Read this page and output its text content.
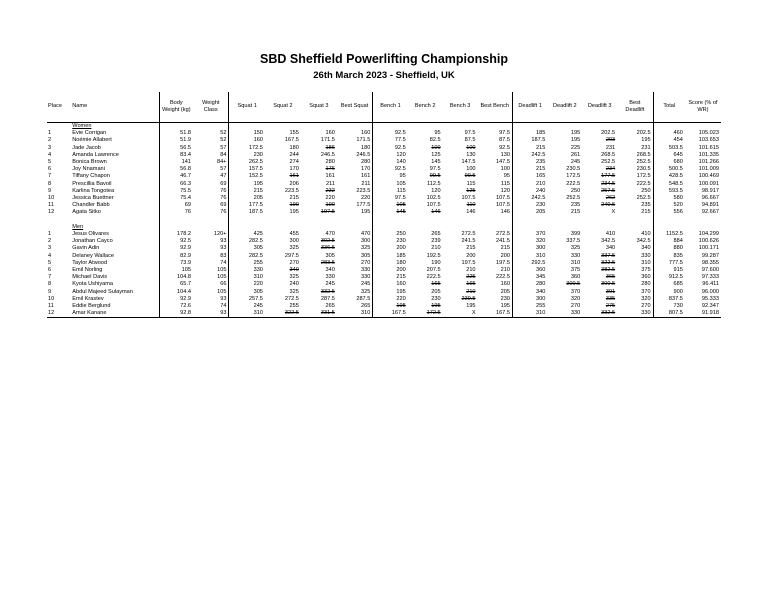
SBD Sheffield Powerlifting Championship
26th March 2023 - Sheffield, UK
Place	Name	Body Weight (kg)	Weight Class	Squat 1	Squat 2	Squat 3	Best Squat	Bench 1	Bench 2	Bench 3	Best Bench	Deadlift 1	Deadlift 2	Deadlift 3	Best Deadlift	Total	Score (% of WR)
	Women																
1	Evie Corrigan	51.8	52	150	155	160	160	92.5	95	97.5	97.5	185	195	202.5	202.5	460	105.023
2	Noémie Allabert	51.9	52	160	167.5	171.5	171.5	77.5	82.5	87.5	87.5	187.5	195	203	195	454	103.653
3	Jade Jacob	56.5	57	172.5	180	186	180	92.5	100	100	92.5	215	225	231	231	503.5	101.615
4	Amanda Lawrence	83.4	84	230	244	246.5	246.5	120	125	130	130	242.5	261	268.5	268.5	645	101.335
5	Bonica Brown	141	84+	262.5	274	280	280	140	145	147.5	147.5	235	245	252.5	252.5	680	101.266
6	Joy Nnamani	56.8	57	157.5	170	176	170	92.5	97.5	100	100	215	230.5	234	230.5	500.5	101.009
7	Tiffany Chapon	46.7	47	152.5	161	161	161	95	99.5	99.5	95	165	172.5	177.5	172.5	428.5	100.469
8	Prescillia Bavoil	66.3	69	195	206	211	211	105	112.5	115	115	210	222.5	234.5	222.5	548.5	100.091
9	Karlina Tongotea	75.5	76	215	223.5	232	223.5	115	120	125	120	240	250	257.5	250	593.5	98.917
10	Jessica Buettner	75.4	76	205	215	220	220	97.5	102.5	107.5	107.5	242.5	252.5	262	252.5	580	96.667
11	Chandler Babb	69	69	177.5	190	190	177.5	105	107.5	110	107.5	230	235	240.5	235	520	94.891
12	Agata Sitko	76	76	187.5	195	197.5	195	145	146	146	146	205	215	X	215	556	92.667

	Men																
1	Jesus Olivares	178.2	120+	425	455	470	470	250	265	272.5	272.5	370	399	410	410	1152.5	104.299
2	Jonathan Cayco	92.5	93	282.5	300	302.5	300	230	239	241.5	241.5	320	337.5	342.5	342.5	884	100.626
3	Gavin Adin	92.9	93	305	325	336.5	325	200	210	215	215	300	325	340	340	880	100.171
4	Delaney Wallace	82.9	83	282.5	297.5	305	305	185	192.5	200	200	310	330	337.5	330	835	99.287
5	Taylor Atwood	73.9	74	255	270	283.5	270	180	190	197.5	197.5	292.5	310	322.5	310	777.5	98.355
6	Emil Norling	105	105	330	340	340	330	200	207.5	210	210	360	375	382.5	375	915	97.600
7	Michael Davis	104.8	105	310	325	330	330	215	222.5	225	222.5	345	360	365	360	912.5	97.333
8	Kyota Ushiyama	65.7	66	220	240	245	245	160	165	165	160	280	300.5	300.5	280	685	96.411
9	Abdul Majeed Sulayman	104.4	105	305	325	332.5	325	195	205	210	205	340	370	391	370	900	96.000
10	Emil Krastev	92.9	93	257.5	272.5	287.5	287.5	220	230	239.5	230	300	320	335	320	837.5	95.333
11	Eddie Berglund	72.6	74	245	255	265	265	195	195	195	195	255	270	275	270	730	92.347
12	Amar Kanane	92.8	93	310	322.5	331.5	310	167.5	172.5	X	167.5	310	330	332.5	330	807.5	91.918
